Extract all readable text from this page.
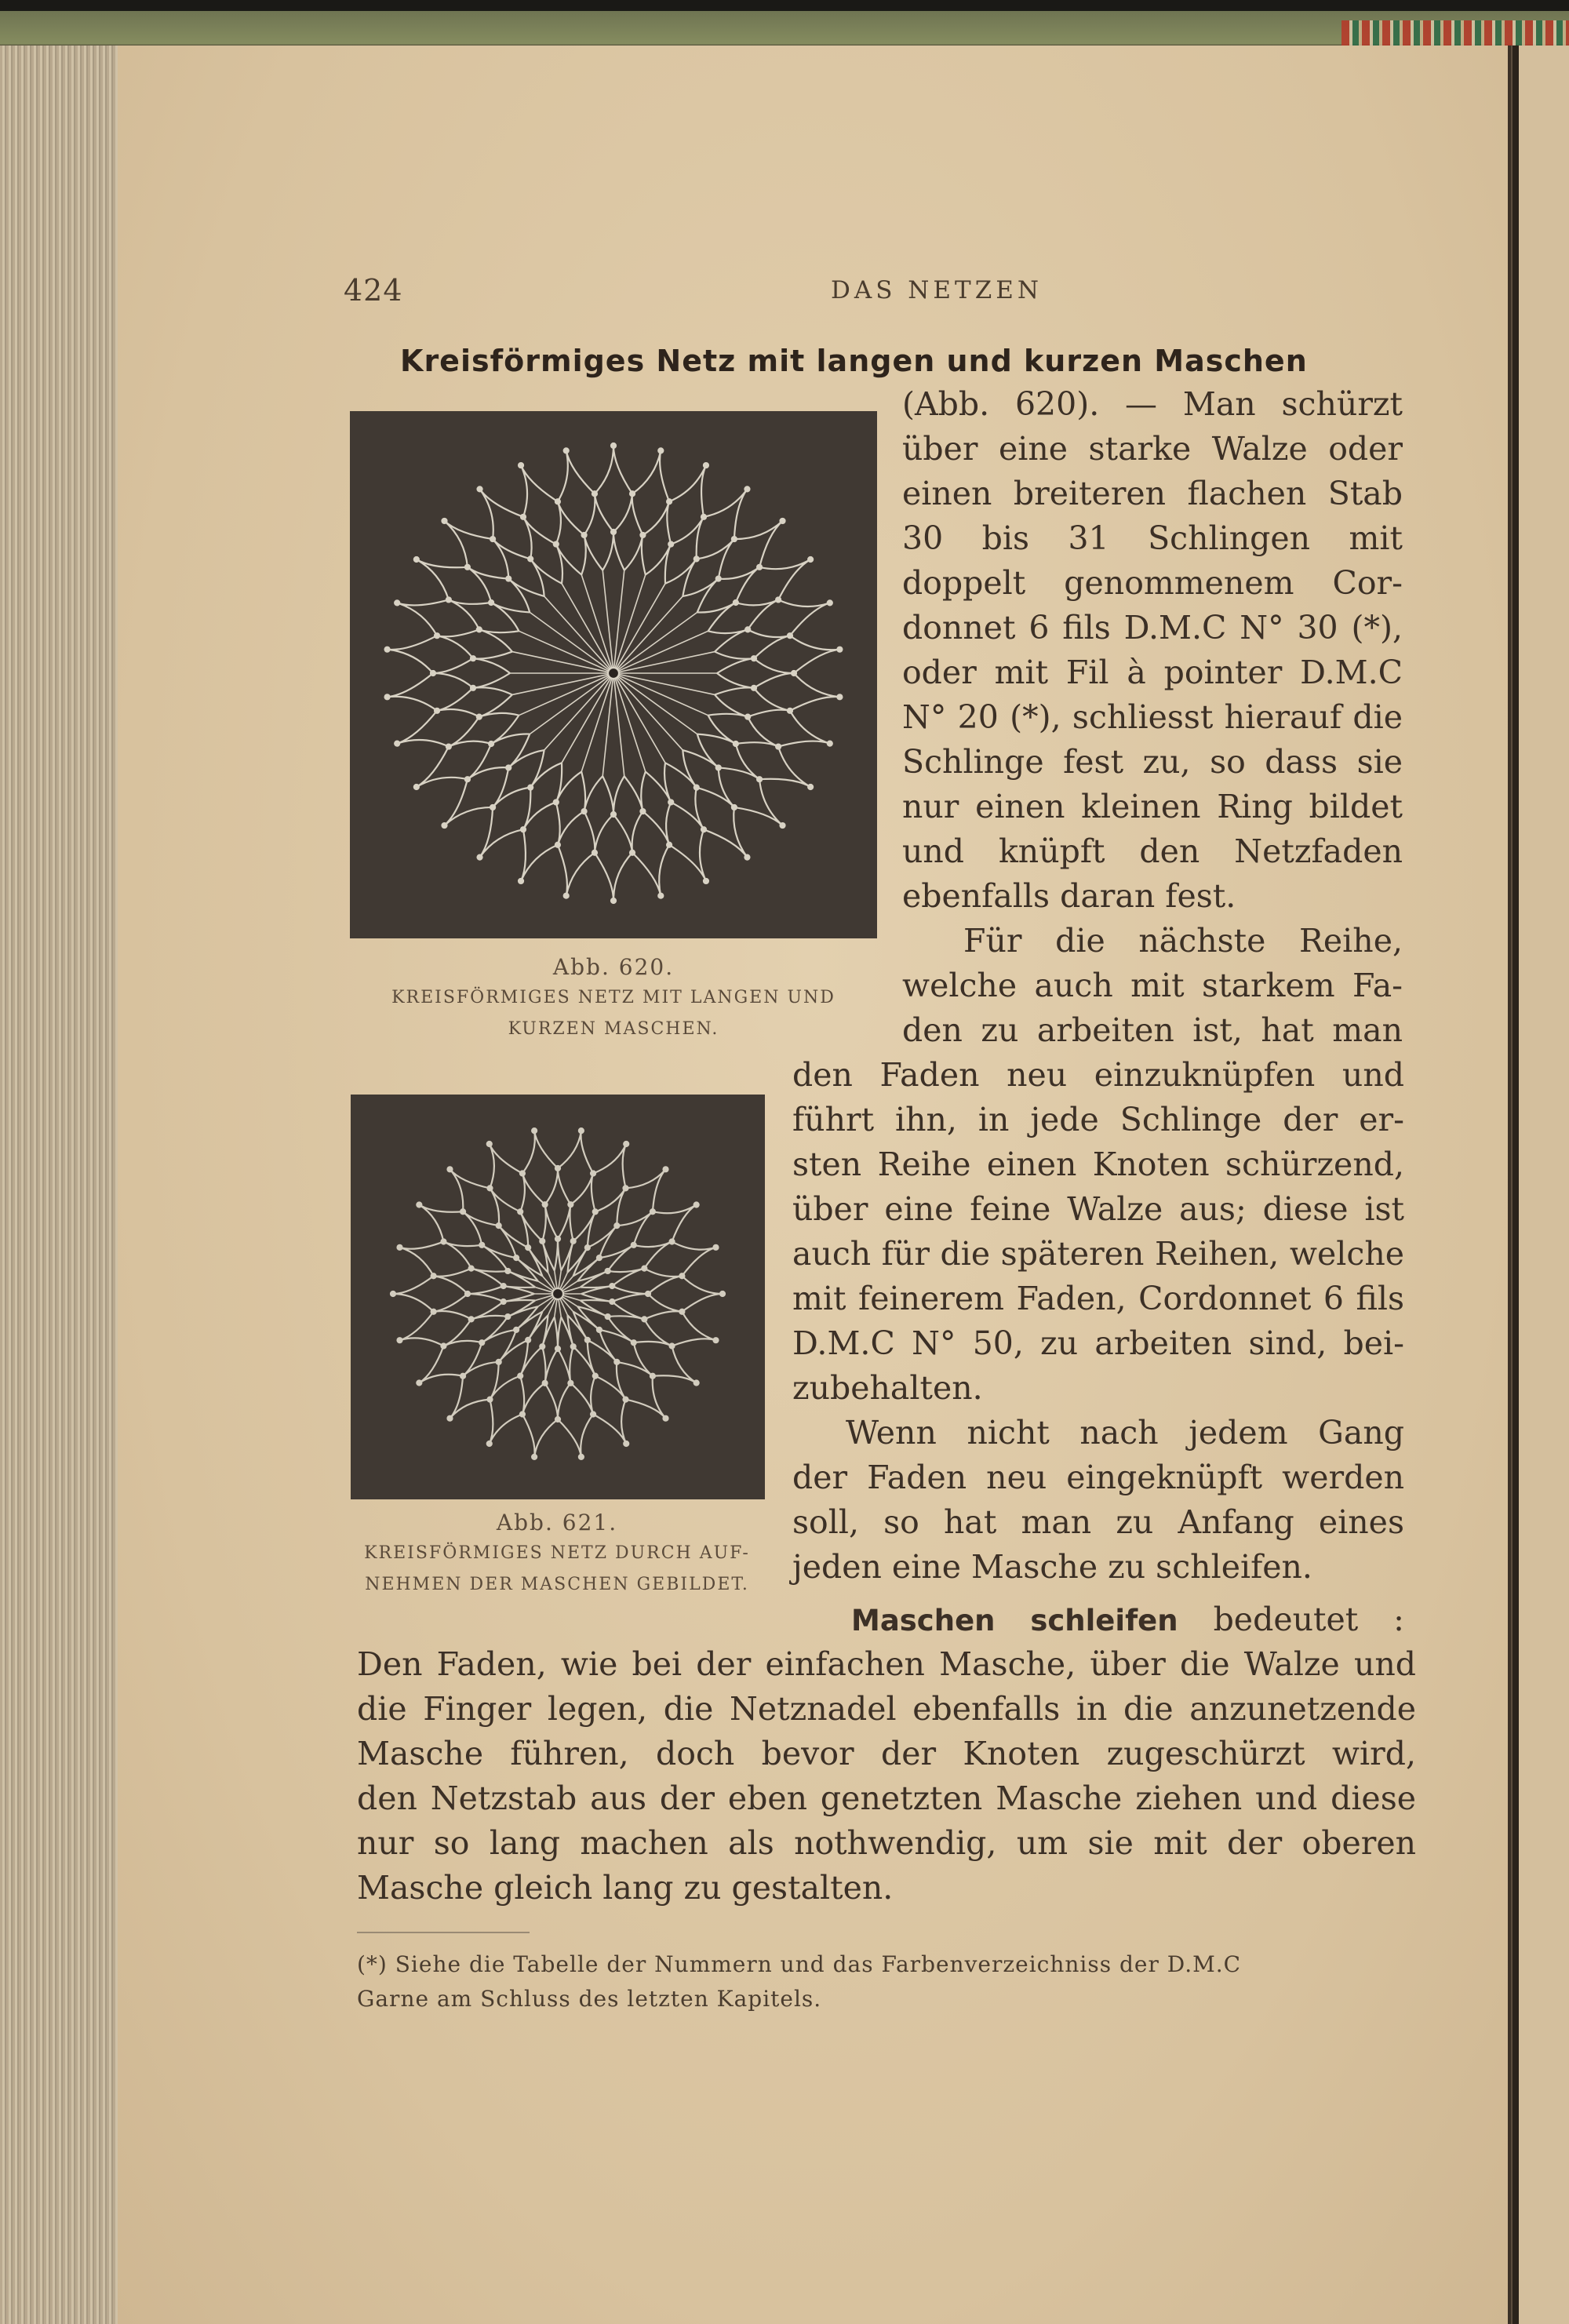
424	DAS NETZEN
Kreisförmiges Netz mit langen und kurzen Maschen
Abb. 620.
KREISFÖRMIGES NETZ MIT LANGEN UND
KURZEN MASCHEN.
Abb. 621.
KREISFÖRMIGES NETZ DURCH AUF-
NEHMEN DER MASCHEN GEBILDET.
(Abb. 620). — Man schürzt
über eine starke Walze oder
einen breiteren flachen Stab
30 bis 31 Schlingen mit
doppelt genommenem Cor-
donnet 6 fils D.M.C N° 30 (*),
oder mit Fil à pointer D.M.C
N° 20 (*), schliesst hierauf die
Schlinge fest zu, so dass sie
nur einen kleinen Ring bildet
und knüpft den Netzfaden
ebenfalls daran fest.
Für die nächste Reihe,
welche auch mit starkem Fa-
den zu arbeiten ist, hat man
den Faden neu einzuknüpfen und
führt ihn, in jede Schlinge der er-
sten Reihe einen Knoten schürzend,
über eine feine Walze aus; diese ist
auch für die späteren Reihen, welche
mit feinerem Faden, Cordonnet 6 fils
D.M.C N° 50, zu arbeiten sind, bei-
zubehalten.
Wenn nicht nach jedem Gang
der Faden neu eingeknüpft werden
soll, so hat man zu Anfang eines
jeden eine Masche zu schleifen.
Maschen schleifen bedeutet :
Den Faden, wie bei der einfachen Masche, über die Walze und
die Finger legen, die Netznadel ebenfalls in die anzunetzende
Masche führen, doch bevor der Knoten zugeschürzt wird,
den Netzstab aus der eben genetzten Masche ziehen und diese
nur so lang machen als nothwendig, um sie mit der oberen
Masche gleich lang zu gestalten.
(*) Siehe die Tabelle der Nummern und das Farbenverzeichniss der D.M.C
Garne am Schluss des letzten Kapitels.
